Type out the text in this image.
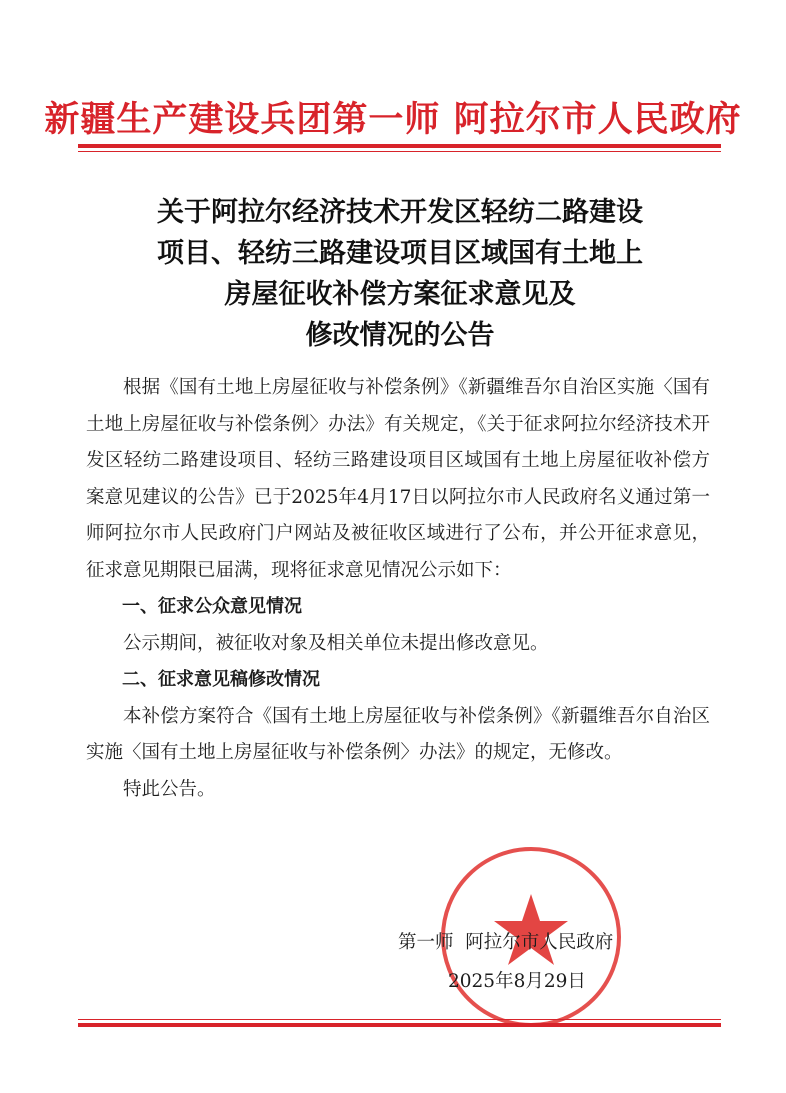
新疆生产建设兵团第一师 阿拉尔市人民政府
关于阿拉尔经济技术开发区轻纺二路建设
项目、轻纺三路建设项目区域国有土地上
房屋征收补偿方案征求意见及
修改情况的公告

根据《国有土地上房屋征收与补偿条例》《新疆维吾尔自治区实施〈国有土地上房屋征收与补偿条例〉办法》有关规定，《关于征求阿拉尔经济技术开发区轻纺二路建设项目、轻纺三路建设项目区域国有土地上房屋征收补偿方案意见建议的公告》已于2025年4月17日以阿拉尔市人民政府名义通过第一师阿拉尔市人民政府门户网站及被征收区域进行了公布，并公开征求意见，征求意见期限已届满，现将征求意见情况公示如下：

一、征求公众意见情况

公示期间，被征收对象及相关单位未提出修改意见。

二、征求意见稿修改情况

本补偿方案符合《国有土地上房屋征收与补偿条例》《新疆维吾尔自治区实施〈国有土地上房屋征收与补偿条例〉办法》的规定，无修改。

特此公告。

第一师  阿拉尔市人民政府
2025年8月29日
